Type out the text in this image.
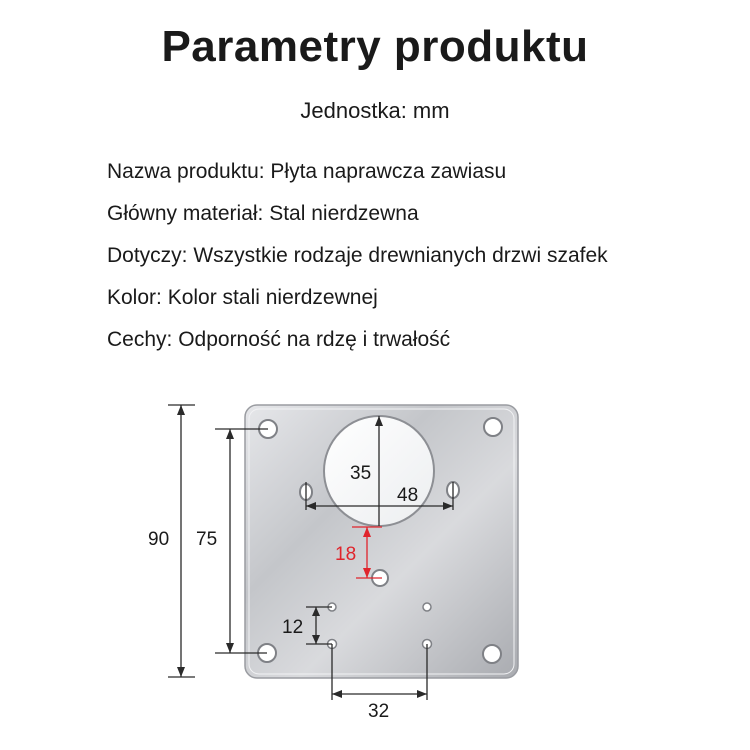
Parametry produktu
Jednostka: mm
Nazwa produktu: Płyta naprawcza zawiasu
Główny materiał: Stal nierdzewna
Dotyczy: Wszystkie rodzaje drewnianych drzwi szafek
Kolor: Kolor stali nierdzewnej
Cechy: Odporność na rdzę i trwałość
90 75
35
48
18
12
32
